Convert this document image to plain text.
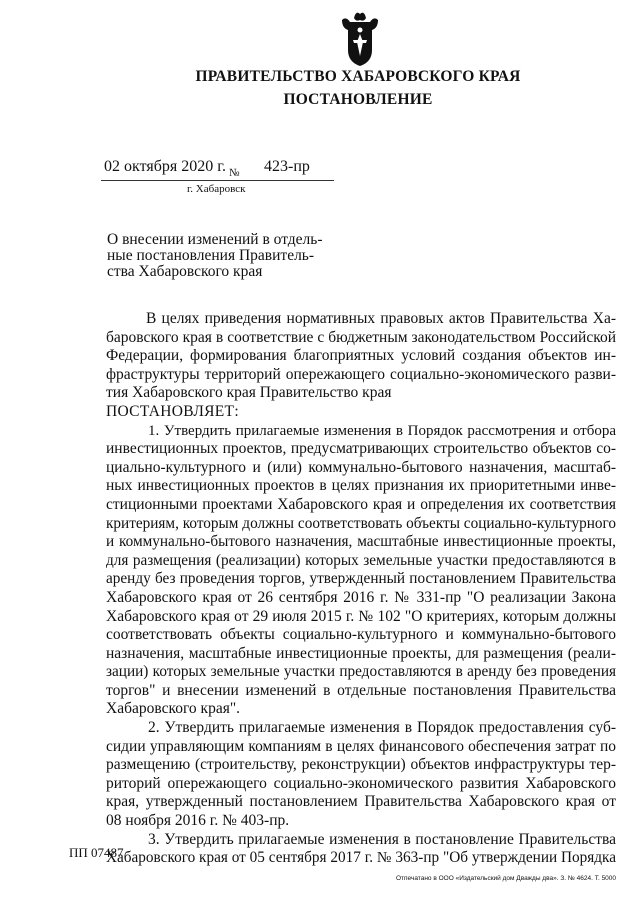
ПРАВИТЕЛЬСТВО ХАБАРОВСКОГО КРАЯ
ПОСТАНОВЛЕНИЕ
02 октября 2020 г. № 423-пр
г. Хабаровск
О внесении изменений в отдель-
ные постановления Правитель-
ства Хабаровского края
В целях приведения нормативных правовых актов Правительства Ха-
баровского края в соответствие с бюджетным законодательством Российской
Федерации, формирования благоприятных условий создания объектов ин-
фраструктуры территорий опережающего социально-экономического разви-
тия Хабаровского края Правительство края
ПОСТАНОВЛЯЕТ:
1. Утвердить прилагаемые изменения в Порядок рассмотрения и отбора
инвестиционных проектов, предусматривающих строительство объектов со-
циально-культурного и (или) коммунально-бытового назначения, масштаб-
ных инвестиционных проектов в целях признания их приоритетными инве-
стиционными проектами Хабаровского края и определения их соответствия
критериям, которым должны соответствовать объекты социально-культурного
и коммунально-бытового назначения, масштабные инвестиционные проекты,
для размещения (реализации) которых земельные участки предоставляются в
аренду без проведения торгов, утвержденный постановлением Правительства
Хабаровского края от 26 сентября 2016 г. № 331-пр "О реализации Закона
Хабаровского края от 29 июля 2015 г. № 102 "О критериях, которым должны
соответствовать объекты социально-культурного и коммунально-бытового
назначения, масштабные инвестиционные проекты, для размещения (реали-
зации) которых земельные участки предоставляются в аренду без проведения
торгов" и внесении изменений в отдельные постановления Правительства
Хабаровского края".
2. Утвердить прилагаемые изменения в Порядок предоставления суб-
сидии управляющим компаниям в целях финансового обеспечения затрат по
размещению (строительству, реконструкции) объектов инфраструктуры тер-
риторий опережающего социально-экономического развития Хабаровского
края, утвержденный постановлением Правительства Хабаровского края от
08 ноября 2016 г. № 403-пр.
3. Утвердить прилагаемые изменения в постановление Правительства
Хабаровского края от 05 сентября 2017 г. № 363-пр "Об утверждении Порядка
ПП 07487
Отпечатано в ООО «Издательский дом Дважды два». З. № 4624. Т. 5000
